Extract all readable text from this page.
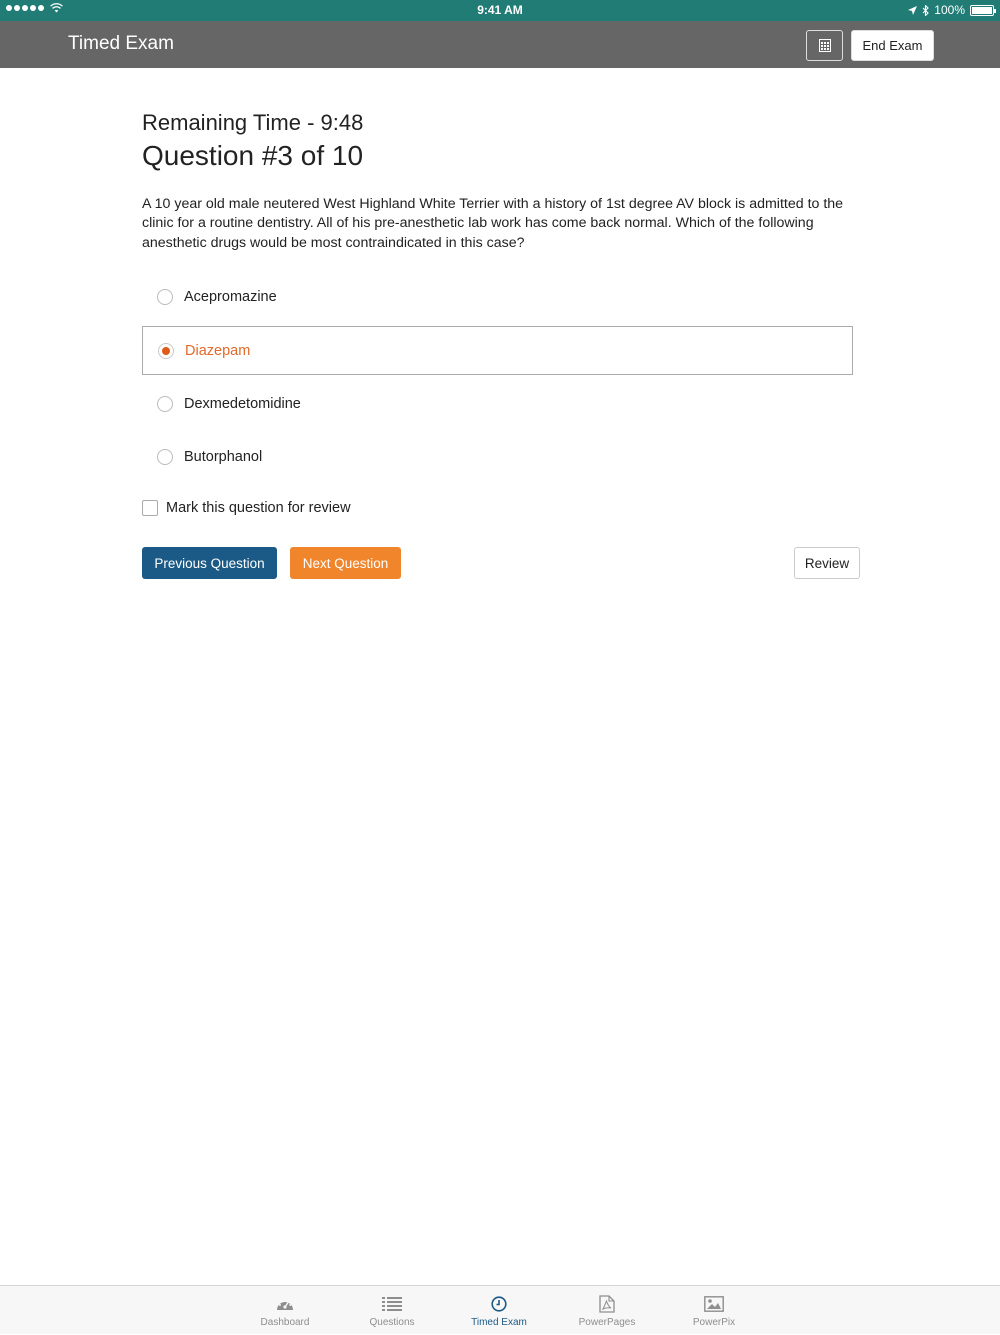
9:41 AM	100%
Timed Exam	End Exam
Remaining Time - 9:48
Question #3 of 10
A 10 year old male neutered West Highland White Terrier with a history of 1st degree AV block is admitted to the clinic for a routine dentistry. All of his pre-anesthetic lab work has come back normal. Which of the following anesthetic drugs would be most contraindicated in this case?
Acepromazine
Diazepam
Dexmedetomidine
Butorphanol
Mark this question for review
Previous Question	Next Question	Review
Dashboard	Questions	Timed Exam	PowerPages	PowerPix
